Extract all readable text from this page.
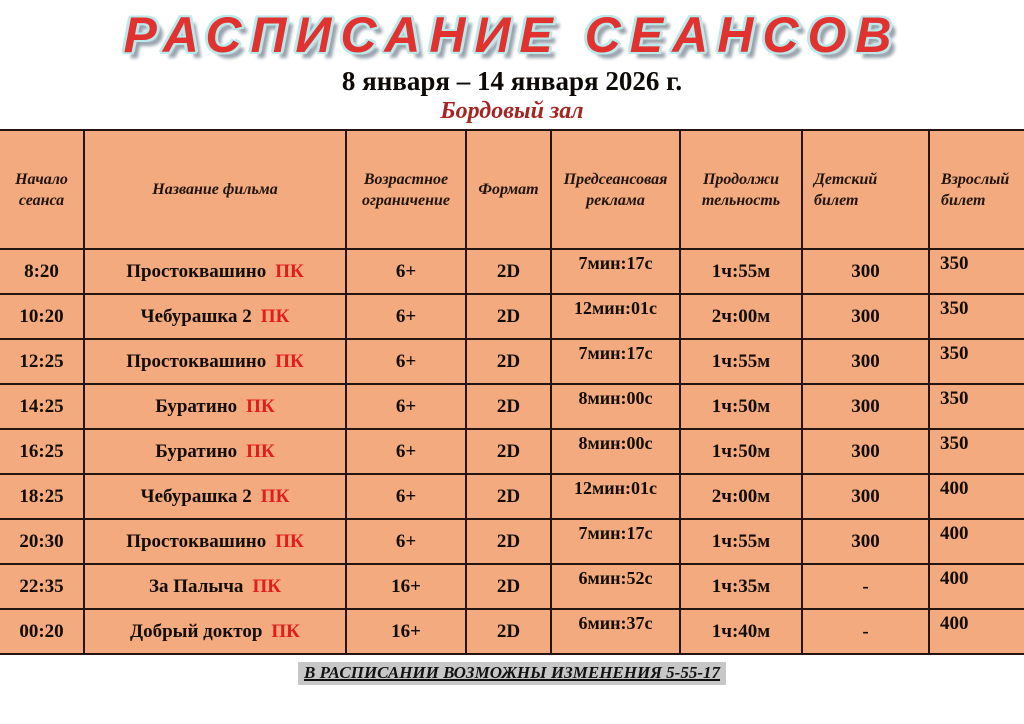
РАСПИСАНИЕ СЕАНСОВ
8 января – 14 января 2026 г.
Бордовый зал
Начало сеанса	Название фильма	Возрастное ограничение	Формат	Предсеансовая реклама	Продолжи тельность	Детский билет	Взрослый билет
8:20	Простоквашино ПК	6+	2D	7мин:17с	1ч:55м	300	350
10:20	Чебурашка 2 ПК	6+	2D	12мин:01с	2ч:00м	300	350
12:25	Простоквашино ПК	6+	2D	7мин:17с	1ч:55м	300	350
14:25	Буратино ПК	6+	2D	8мин:00с	1ч:50м	300	350
16:25	Буратино ПК	6+	2D	8мин:00с	1ч:50м	300	350
18:25	Чебурашка 2 ПК	6+	2D	12мин:01с	2ч:00м	300	400
20:30	Простоквашино ПК	6+	2D	7мин:17с	1ч:55м	300	400
22:35	За Палыча ПК	16+	2D	6мин:52с	1ч:35м	-	400
00:20	Добрый доктор ПК	16+	2D	6мин:37с	1ч:40м	-	400
В РАСПИСАНИИ ВОЗМОЖНЫ ИЗМЕНЕНИЯ 5-55-17
